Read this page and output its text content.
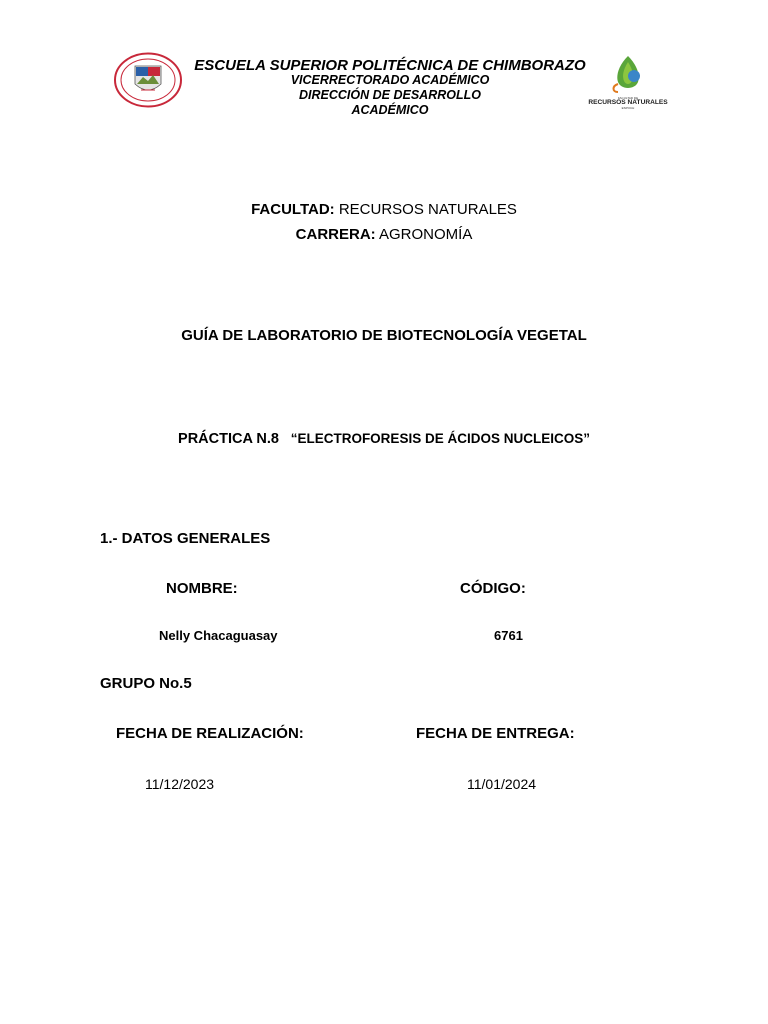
ESCUELA SUPERIOR POLITÉCNICA DE CHIMBORAZO
VICERRECTORADO ACADÉMICO
DIRECCIÓN DE DESARROLLO
ACADÉMICO
FACULTAD DE
RECURSOS NATURALES
ESPOCH
FACULTAD: RECURSOS NATURALES
CARRERA: AGRONOMÍA
GUÍA DE LABORATORIO DE BIOTECNOLOGÍA VEGETAL
PRÁCTICA N.8 “ELECTROFORESIS DE ÁCIDOS NUCLEICOS”
1.- DATOS GENERALES
NOMBRE:	CÓDIGO:
Nelly Chacaguasay	6761
GRUPO No.5
FECHA DE REALIZACIÓN:	FECHA DE ENTREGA:
11/12/2023	11/01/2024
